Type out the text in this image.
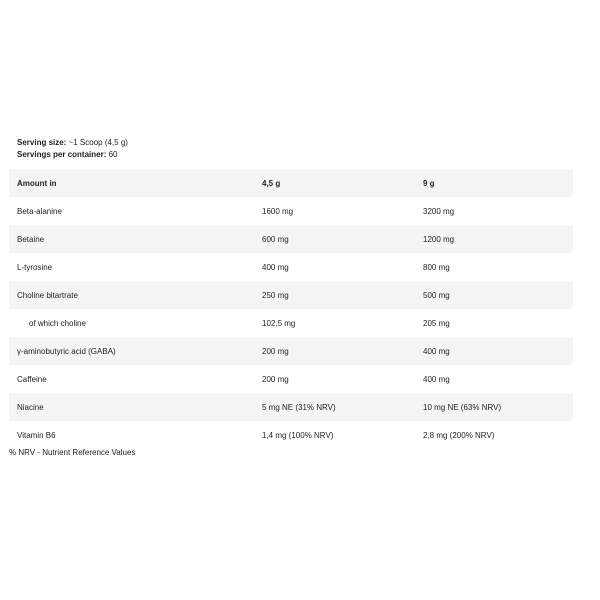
Serving size: ~1 Scoop (4,5 g)
Servings per container: 60
Amount in	4,5 g	9 g
Beta-alanine	1600 mg	3200 mg
Betaine	600 mg	1200 mg
L-tyrosine	400 mg	800 mg
Choline bitartrate	250 mg	500 mg
of which choline	102,5 mg	205 mg
γ-aminobutyric acid (GABA)	200 mg	400 mg
Caffeine	200 mg	400 mg
Niacine	5 mg NE (31% NRV)	10 mg NE (63% NRV)
Vitamin B6	1,4 mg (100% NRV)	2,8 mg (200% NRV)
% NRV - Nutrient Reference Values
